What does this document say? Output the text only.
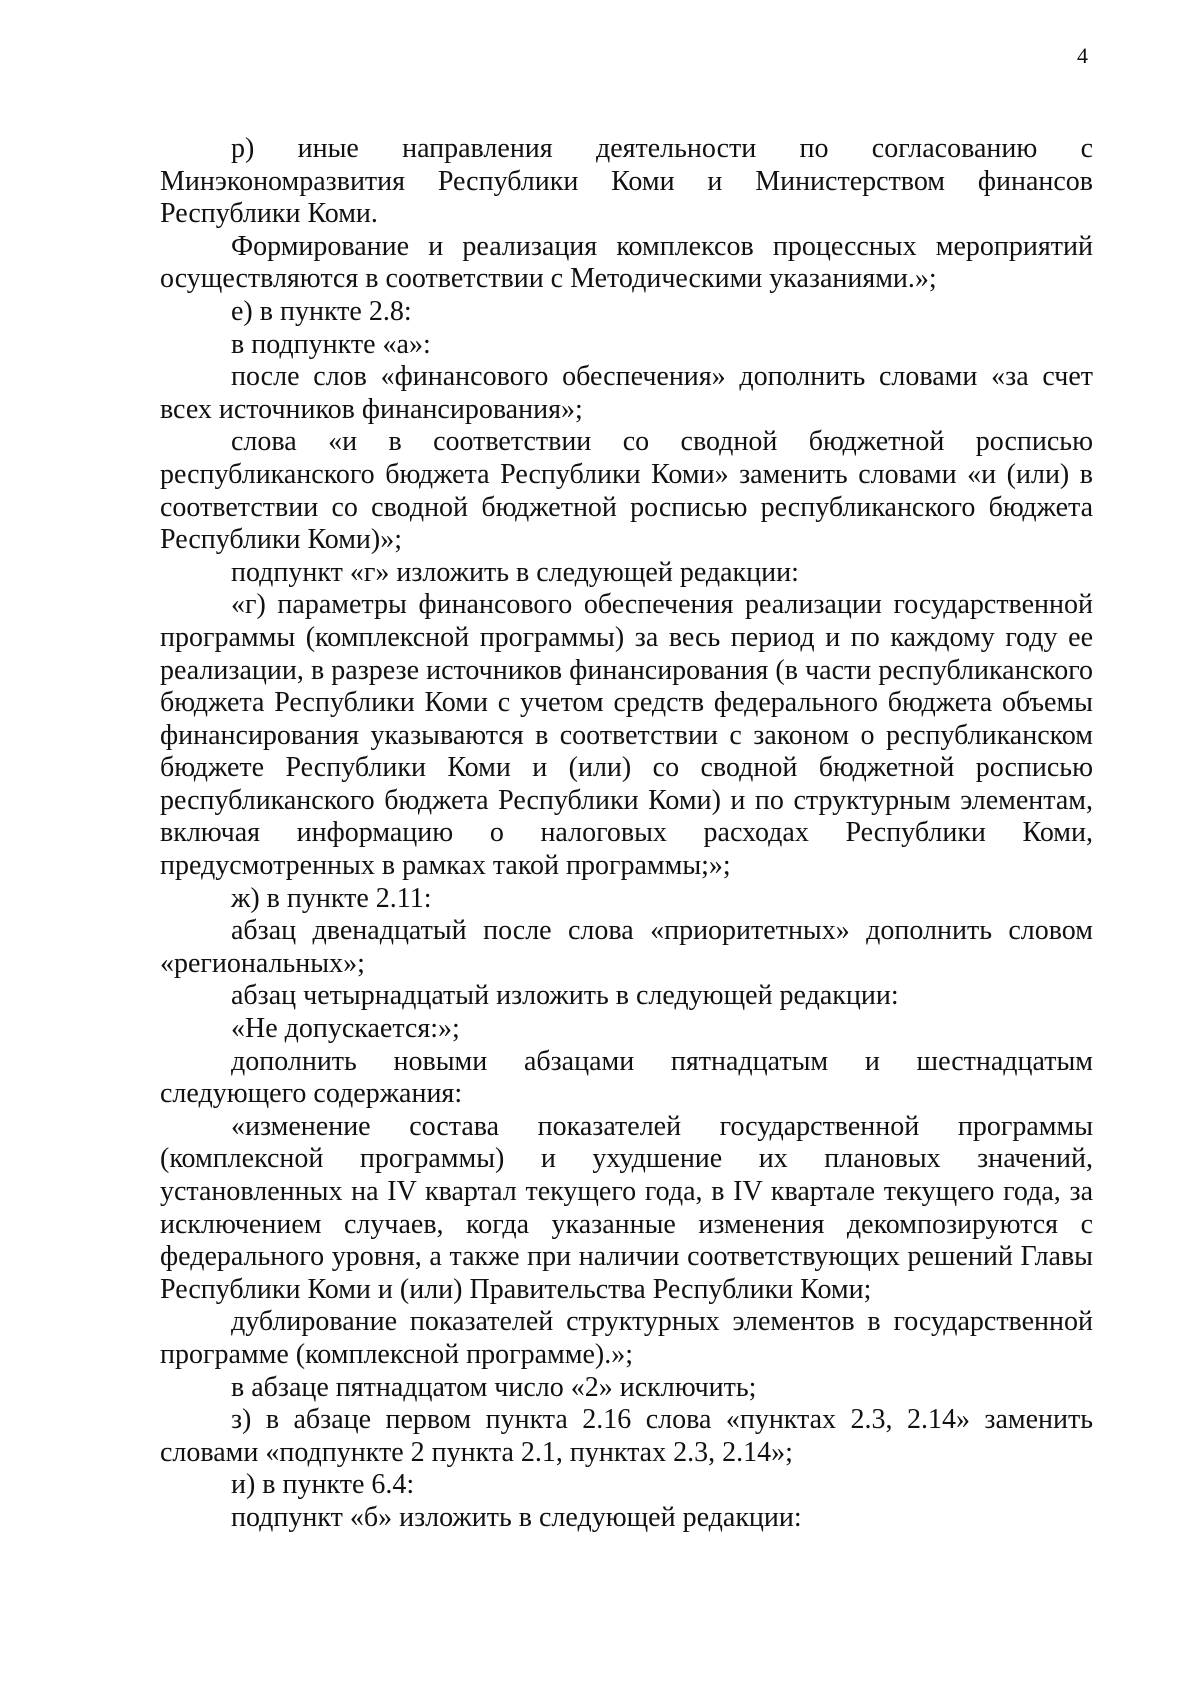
4

р) иные направления деятельности по согласованию с Минэкономразвития Республики Коми и Министерством финансов Республики Коми.

Формирование и реализация комплексов процессных мероприятий осуществляются в соответствии с Методическими указаниями.»;

е) в пункте 2.8:

в подпункте «а»:

после слов «финансового обеспечения» дополнить словами «за счет всех источников финансирования»;

слова «и в соответствии со сводной бюджетной росписью республиканского бюджета Республики Коми» заменить словами «и (или) в соответствии со сводной бюджетной росписью республиканского бюджета Республики Коми)»;

подпункт «г» изложить в следующей редакции:

«г) параметры финансового обеспечения реализации государственной программы (комплексной программы) за весь период и по каждому году ее реализации, в разрезе источников финансирования (в части республиканского бюджета Республики Коми с учетом средств федерального бюджета объемы финансирования указываются в соответствии с законом о республиканском бюджете Республики Коми и (или) со сводной бюджетной росписью республиканского бюджета Республики Коми) и по структурным элементам, включая информацию о налоговых расходах Республики Коми, предусмотренных в рамках такой программы;»;

ж) в пункте 2.11:

абзац двенадцатый после слова «приоритетных» дополнить словом «региональных»;

абзац четырнадцатый изложить в следующей редакции:

«Не допускается:»;

дополнить новыми абзацами пятнадцатым и шестнадцатым следующего содержания:

«изменение состава показателей государственной программы (комплексной программы) и ухудшение их плановых значений, установленных на IV квартал текущего года, в IV квартале текущего года, за исключением случаев, когда указанные изменения декомпозируются с федерального уровня, а также при наличии соответствующих решений Главы Республики Коми и (или) Правительства Республики Коми;

дублирование показателей структурных элементов в государственной программе (комплексной программе).»;

в абзаце пятнадцатом число «2» исключить;

з) в абзаце первом пункта 2.16 слова «пунктах 2.3, 2.14» заменить словами «подпункте 2 пункта 2.1, пунктах 2.3, 2.14»;

и) в пункте 6.4:

подпункт «б» изложить в следующей редакции:
